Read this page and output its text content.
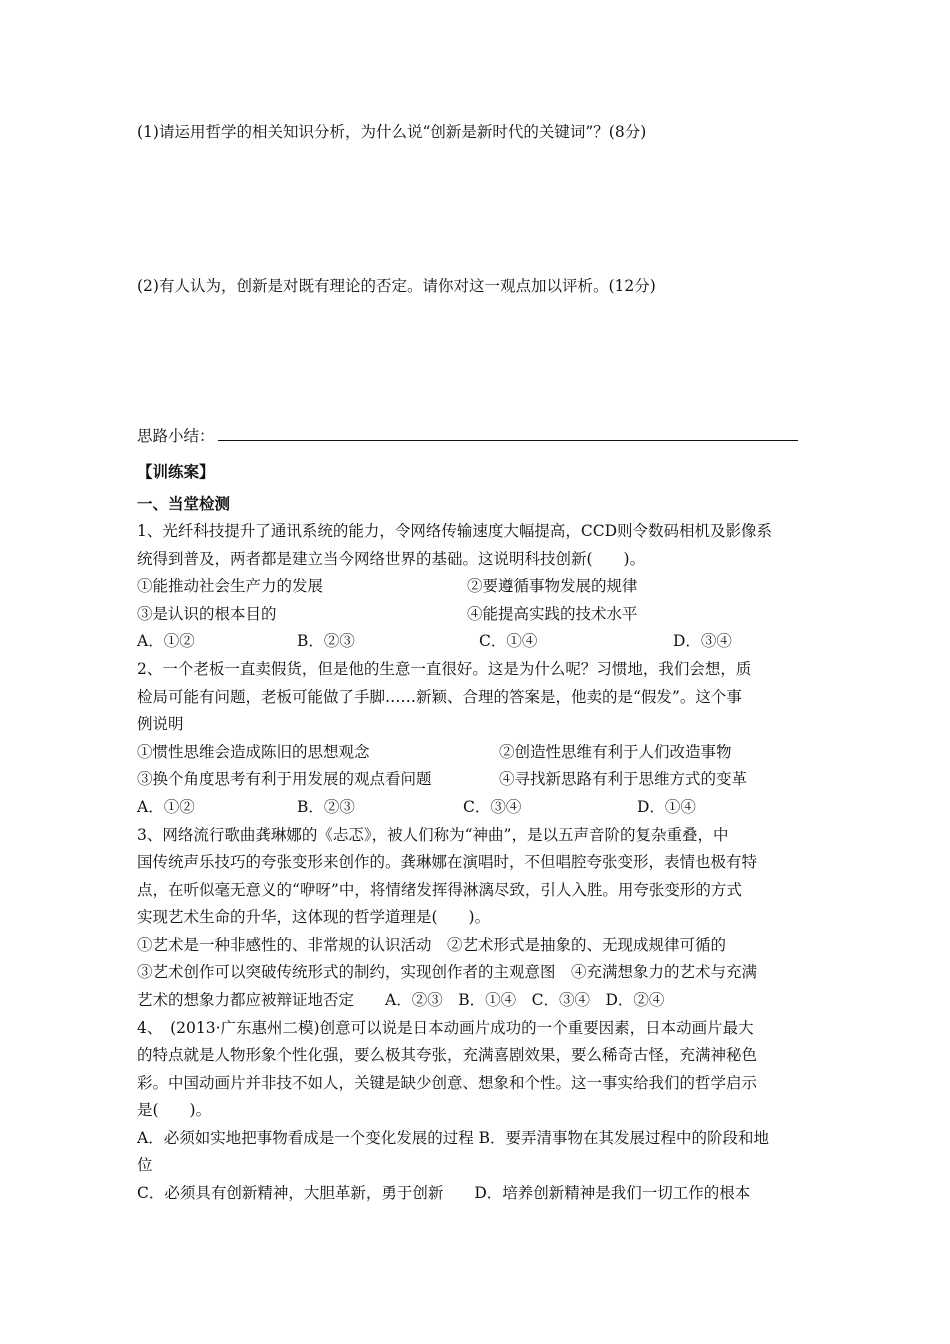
(1)请运用哲学的相关知识分析，为什么说“创新是新时代的关键词”？(8分)
(2)有人认为，创新是对既有理论的否定。请你对这一观点加以评析。(12分)
思路小结：
【训练案】
一、当堂检测
1、光纤科技提升了通讯系统的能力，令网络传输速度大幅提高，CCD则令数码相机及影像系
统得到普及，两者都是建立当今网络世界的基础。这说明科技创新(　　)。
①能推动社会生产力的发展	②要遵循事物发展的规律
③是认识的根本目的	④能提高实践的技术水平
A．①②	B．②③	C．①④	D．③④
2、一个老板一直卖假货，但是他的生意一直很好。这是为什么呢？习惯地，我们会想，质
检局可能有问题，老板可能做了手脚……新颖、合理的答案是，他卖的是“假发”。这个事
例说明
①惯性思维会造成陈旧的思想观念	②创造性思维有利于人们改造事物
③换个角度思考有利于用发展的观点看问题	④寻找新思路有利于思维方式的变革
A．①②	B．②③	C．③④	D．①④
3、网络流行歌曲龚琳娜的《忐忑》，被人们称为“神曲”，是以五声音阶的复杂重叠，中
国传统声乐技巧的夸张变形来创作的。龚琳娜在演唱时，不但唱腔夸张变形，表情也极有特
点，在听似毫无意义的“咿呀”中，将情绪发挥得淋漓尽致，引人入胜。用夸张变形的方式
实现艺术生命的升华，这体现的哲学道理是(　　)。
①艺术是一种非感性的、非常规的认识活动　②艺术形式是抽象的、无现成规律可循的
③艺术创作可以突破传统形式的制约，实现创作者的主观意图　④充满想象力的艺术与充满
艺术的想象力都应被辩证地否定　　A．②③　B．①④　C．③④　D．②④
4、　(2013·广东惠州二模)创意可以说是日本动画片成功的一个重要因素，日本动画片最大
的特点就是人物形象个性化强，要么极其夸张，充满喜剧效果，要么稀奇古怪，充满神秘色
彩。中国动画片并非技不如人，关键是缺少创意、想象和个性。这一事实给我们的哲学启示
是(　　)。
A．必须如实地把事物看成是一个变化发展的过程 B．要弄清事物在其发展过程中的阶段和地
位
C．必须具有创新精神，大胆革新，勇于创新　　D．培养创新精神是我们一切工作的根本
